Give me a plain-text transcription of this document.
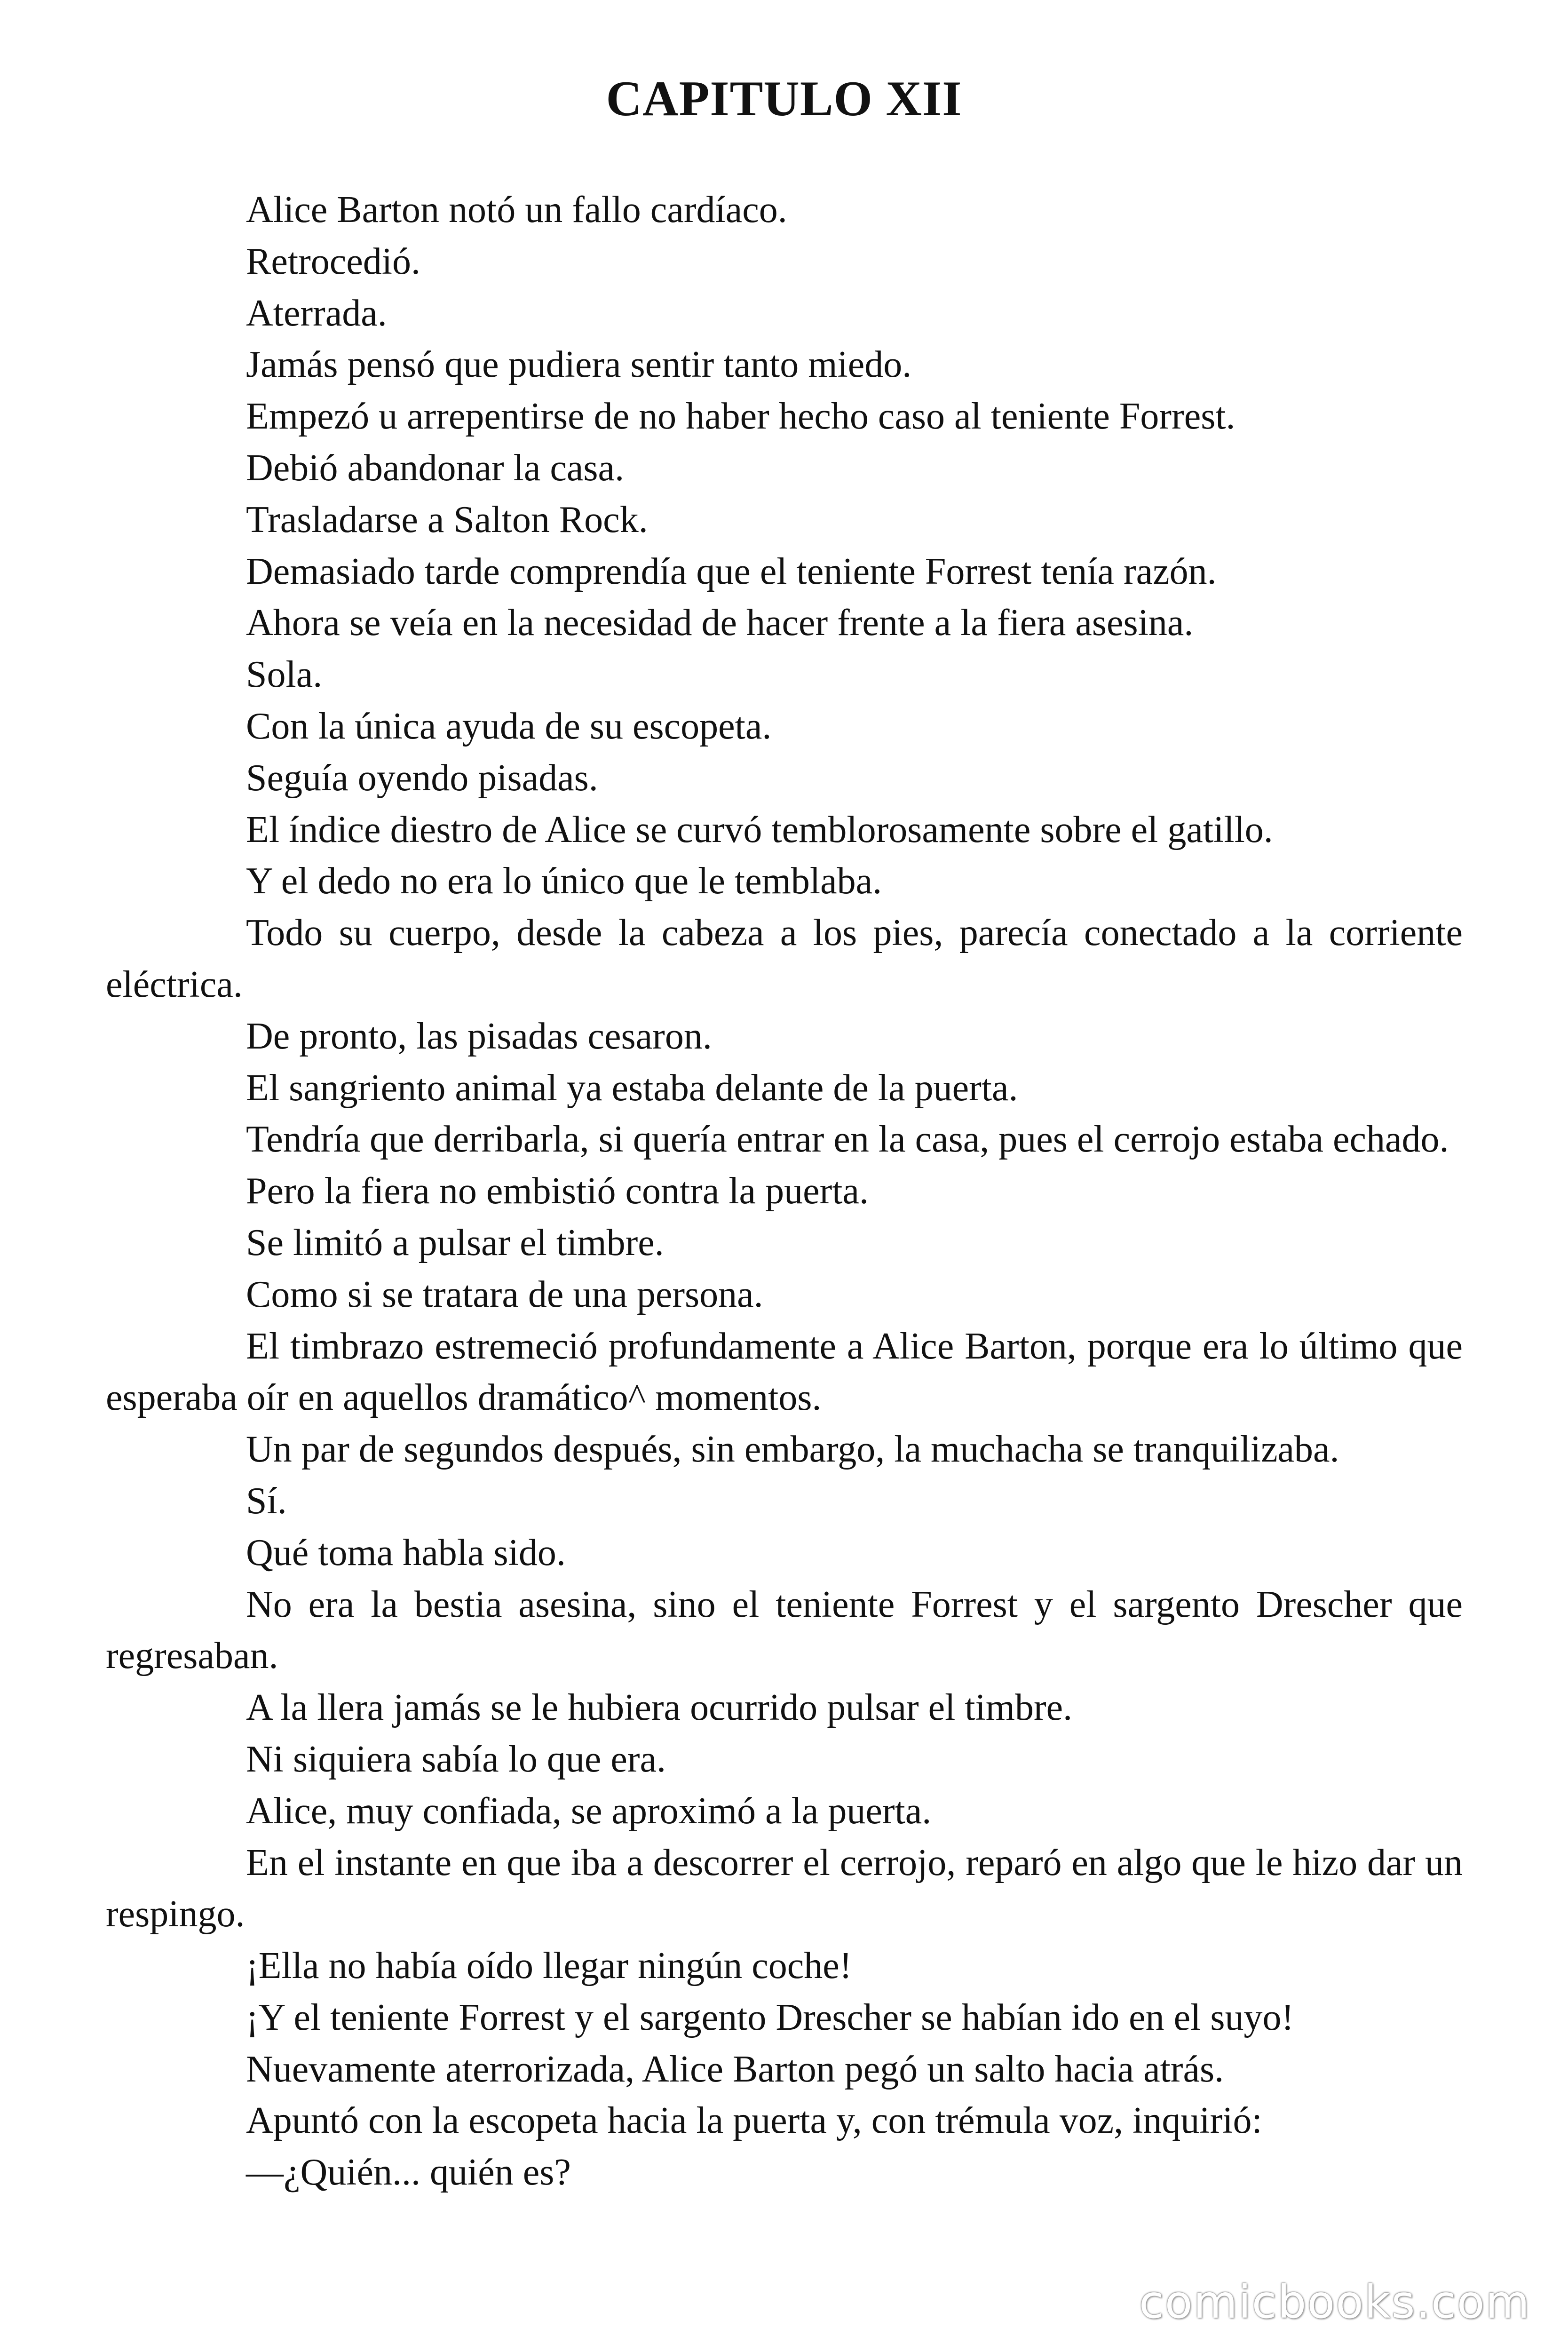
CAPITULO XII

Alice Barton notó un fallo cardíaco.

Retrocedió.

Aterrada.

Jamás pensó que pudiera sentir tanto miedo.

Empezó u arrepentirse de no haber hecho caso al teniente Forrest.

Debió abandonar la casa.

Trasladarse a Salton Rock.

Demasiado tarde comprendía que el teniente Forrest tenía razón.

Ahora se veía en la necesidad de hacer frente a la fiera asesina.

Sola.

Con la única ayuda de su escopeta.

Seguía oyendo pisadas.

El índice diestro de Alice se curvó temblorosamente sobre el gatillo.

Y el dedo no era lo único que le temblaba.

Todo su cuerpo, desde la cabeza a los pies, parecía conectado a la corriente eléctrica.

De pronto, las pisadas cesaron.

El sangriento animal ya estaba delante de la puerta.

Tendría que derribarla, si quería entrar en la casa, pues el cerrojo estaba echado.

Pero la fiera no embistió contra la puerta.

Se limitó a pulsar el timbre.

Como si se tratara de una persona.

El timbrazo estremeció profundamente a Alice Barton, porque era lo último que esperaba oír en aquellos dramático^ momentos.

Un par de segundos después, sin embargo, la muchacha se tranquilizaba.

Sí.

Qué toma habla sido.

No era la bestia asesina, sino el teniente Forrest y el sargento Drescher que regresaban.

A la llera jamás se le hubiera ocurrido pulsar el timbre.

Ni siquiera sabía lo que era.

Alice, muy confiada, se aproximó a la puerta.

En el instante en que iba a descorrer el cerrojo, reparó en algo que le hizo dar un respingo.

¡Ella no había oído llegar ningún coche!

¡Y el teniente Forrest y el sargento Drescher se habían ido en el suyo!

Nuevamente aterrorizada, Alice Barton pegó un salto hacia atrás.

Apuntó con la escopeta hacia la puerta y, con trémula voz, inquirió:

—¿Quién... quién es?

comicbooks.com
